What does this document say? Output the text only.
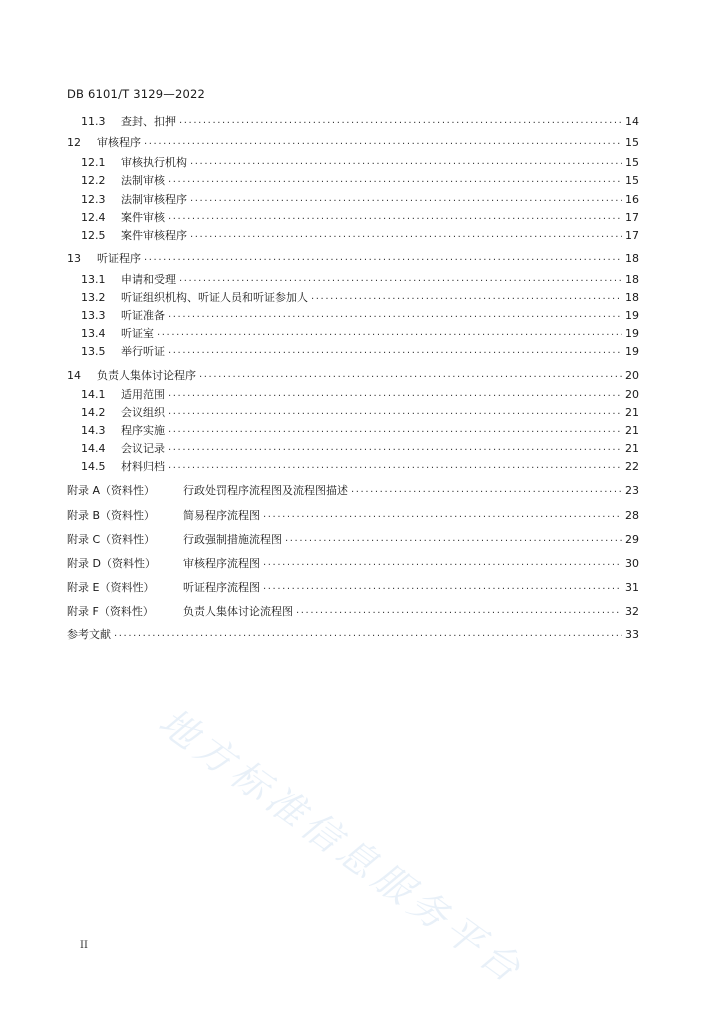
DB 6101/T 3129—2022
11.3	查封、扣押 .....	14
12	审核程序 .....	15
12.1	审核执行机构 .....	15
12.2	法制审核 .....	15
12.3	法制审核程序 .....	16
12.4	案件审核 .....	17
12.5	案件审核程序 .....	17
13	听证程序 .....	18
13.1	申请和受理 .....	18
13.2	听证组织机构、听证人员和听证参加人 .....	18
13.3	听证准备 .....	19
13.4	听证室 .....	19
13.5	举行听证 .....	19
14	负责人集体讨论程序 .....	20
14.1	适用范围 .....	20
14.2	会议组织 .....	21
14.3	程序实施 .....	21
14.4	会议记录 .....	21
14.5	材料归档 .....	22
附录 A（资料性）	行政处罚程序流程图及流程图描述 .....	23
附录 B（资料性）	简易程序流程图 .....	28
附录 C（资料性）	行政强制措施流程图 .....	29
附录 D（资料性）	审核程序流程图 .....	30
附录 E（资料性）	听证程序流程图 .....	31
附录 F（资料性）	负责人集体讨论流程图 .....	32
参考文献 .....	33
地方标准信息服务平台
II
